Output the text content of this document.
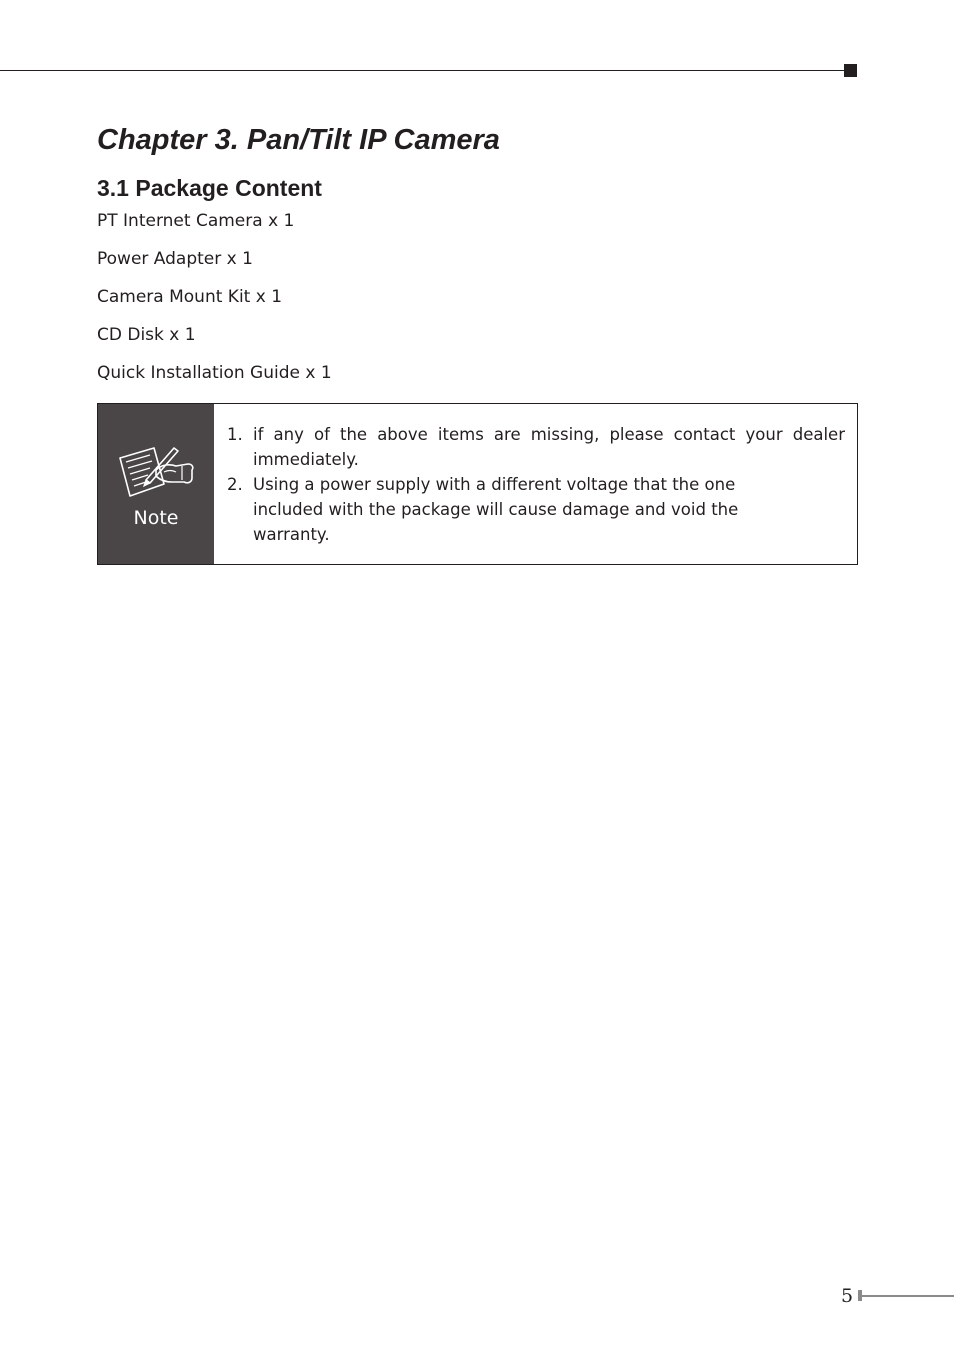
Chapter 3. Pan/Tilt IP Camera
3.1 Package Content
PT Internet Camera x 1
Power Adapter x 1
Camera Mount Kit x 1
CD Disk x 1
Quick Installation Guide x 1
Note
1. if any of the above items are missing, please contact your dealer immediately.
2. Using a power supply with a different voltage that the one included with the package will cause damage and void the warranty.
5
